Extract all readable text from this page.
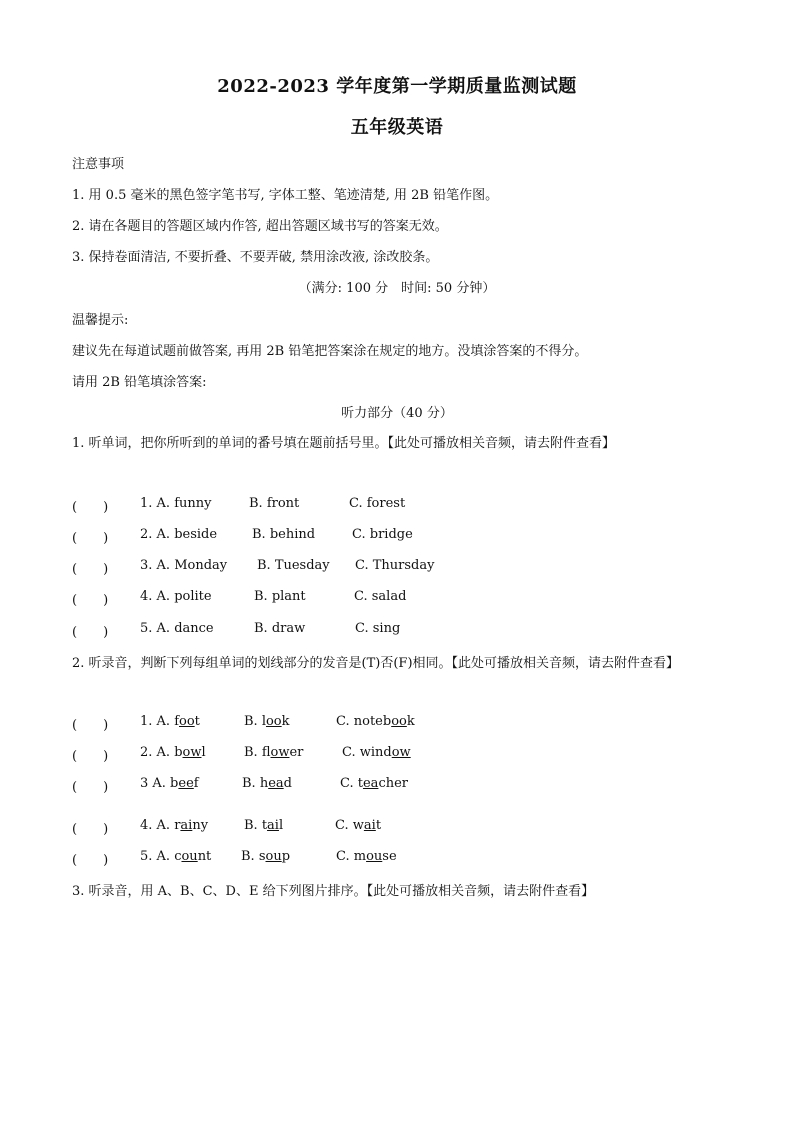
2022-2023 学年度第一学期质量监测试题
五年级英语
注意事项
1. 用 0.5 毫米的黑色签字笔书写, 字体工整、笔迹清楚, 用 2B 铅笔作图。
2. 请在各题目的答题区域内作答, 超出答题区域书写的答案无效。
3. 保持卷面清洁, 不要折叠、不要弄破, 禁用涂改液, 涂改胶条。
（满分: 100 分　时间: 50 分钟）
温馨提示:
建议先在每道试题前做答案, 再用 2B 铅笔把答案涂在规定的地方。没填涂答案的不得分。
请用 2B 铅笔填涂答案:
听力部分（40 分）
1. 听单词，把你所听到的单词的番号填在题前括号里。【此处可播放相关音频，请去附件查看】
(　　) 1. A. funny	B. front	C. forest
(　　) 2. A. beside	B. behind	C. bridge
(　　) 3. A. Monday B. Tuesday C. Thursday
(　　) 4. A. polite	B. plant	C. salad
(　　) 5. A. dance	B. draw	C. sing
2. 听录音，判断下列每组单词的划线部分的发音是(T)否(F)相同。【此处可播放相关音频，请去附件查看】
(　　) 1. A. foot	B. look	C. notebook
(　　) 2. A. bowl	B. flower	C. window
(　　) 3 A. beef	B. head	C. teacher
(　　) 4. A. rainy	B. tail	C. wait
(　　) 5. A. count B. soup	C. mouse
3. 听录音，用 A、B、C、D、E 给下列图片排序。【此处可播放相关音频，请去附件查看】
